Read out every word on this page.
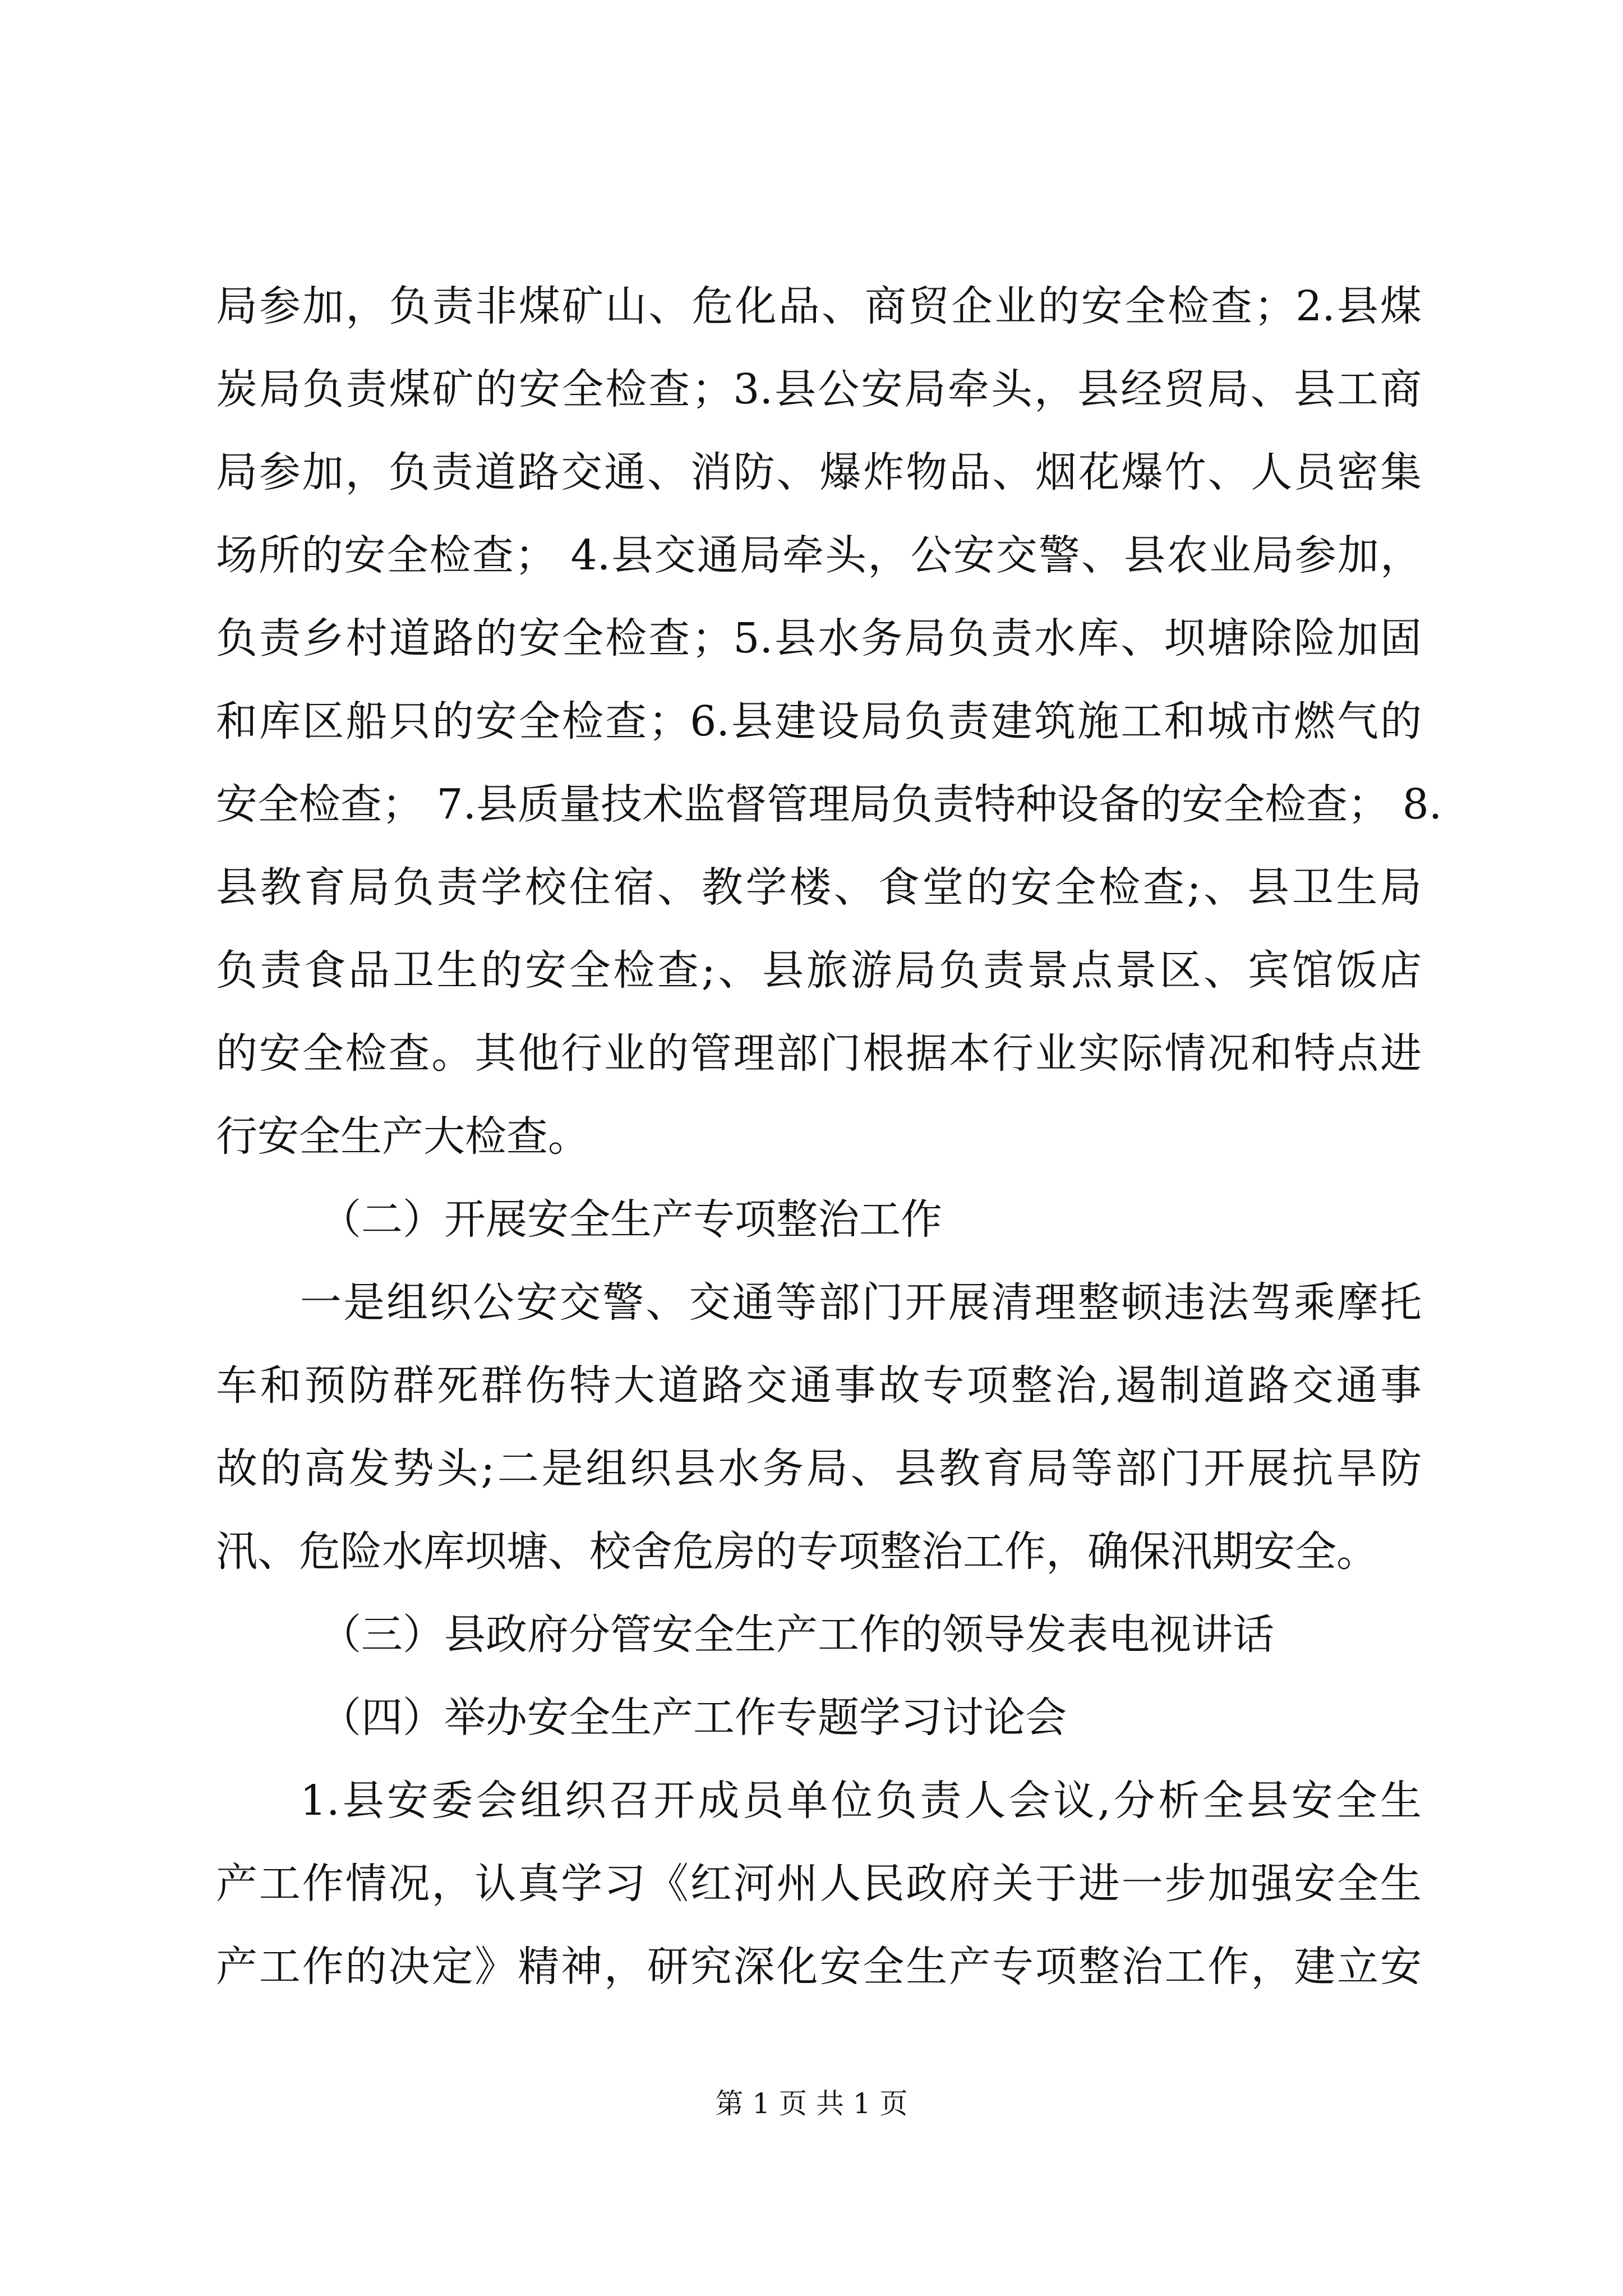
局参加，负责非煤矿山、危化品、商贸企业的安全检查；2.县煤
炭局负责煤矿的安全检查；3.县公安局牵头，县经贸局、县工商
局参加，负责道路交通、消防、爆炸物品、烟花爆竹、人员密集
场所的安全检查； 4.县交通局牵头，公安交警、县农业局参加，
负责乡村道路的安全检查；5.县水务局负责水库、坝塘除险加固
和库区船只的安全检查；6.县建设局负责建筑施工和城市燃气的
安全检查； 7.县质量技术监督管理局负责特种设备的安全检查； 8.
县教育局负责学校住宿、教学楼、食堂的安全检查;、县卫生局
负责食品卫生的安全检查;、县旅游局负责景点景区、宾馆饭店
的安全检查。其他行业的管理部门根据本行业实际情况和特点进
行安全生产大检查。
（二）开展安全生产专项整治工作
一是组织公安交警、交通等部门开展清理整顿违法驾乘摩托
车和预防群死群伤特大道路交通事故专项整治,遏制道路交通事
故的高发势头;二是组织县水务局、县教育局等部门开展抗旱防
汛、危险水库坝塘、校舍危房的专项整治工作，确保汛期安全。
（三）县政府分管安全生产工作的领导发表电视讲话
（四）举办安全生产工作专题学习讨论会
1.县安委会组织召开成员单位负责人会议,分析全县安全生
产工作情况，认真学习《红河州人民政府关于进一步加强安全生
产工作的决定》精神，研究深化安全生产专项整治工作，建立安
第 1 页 共 1 页
